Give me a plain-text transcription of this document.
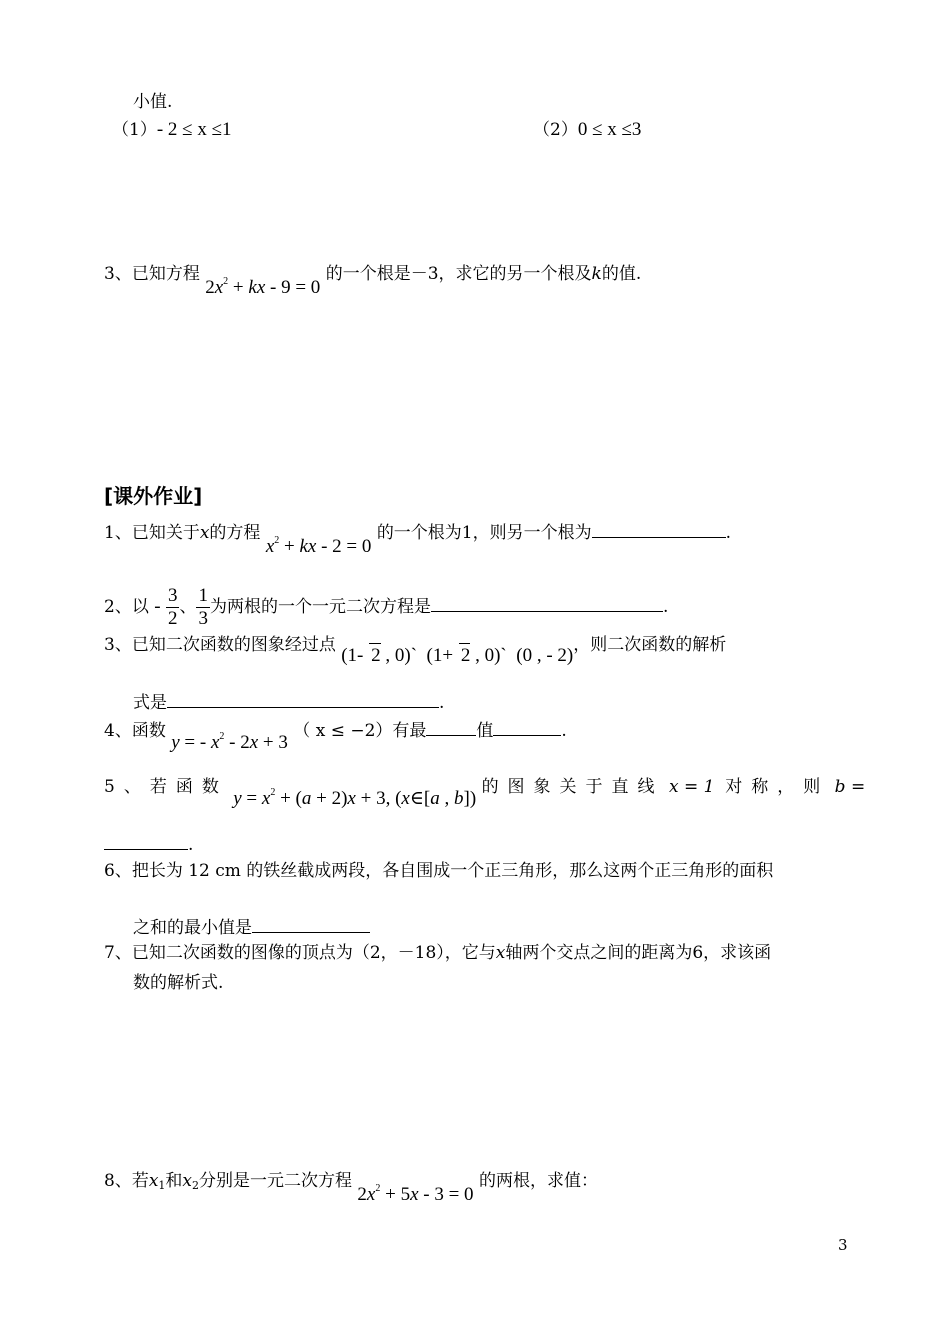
小值.
（1）- 2 ≤ x ≤1	（2）0 ≤ x ≤3
3、已知方程 $2x^2$ + kx - 9 = 0 的一个根是－3，求它的另一个根及k的值.
[课外作业]
1、已知关于x的方程 $x^2$ + kx - 2 = 0 的一个根为1，则另一个根为	.
2、以 - $\frac{3}{2}$ 、 $\frac{1}{3}$ 为两根的一个一元二次方程是	.
3、已知二次函数的图象经过点 (1- 2 , 0)`  (1+ 2 , 0)`  (0 , - 2)，则二次函数的解析
式是	.
4、函数 y = - $x^2 - 2x + 3$ （ x ≤ −2）有最	值	.
5、若函数 $y = x^2 + (a + 2)x + 3$, (x∈[a , b]) 的图象关于直线 x = 1 对称，则 b =
.
6、把长为 12 cm 的铁丝截成两段，各自围成一个正三角形，那么这两个正三角形的面积
之和的最小值是
7、已知二次函数的图像的顶点为（2，－18），它与x轴两个交点之间的距离为6，求该函
数的解析式.
8、若$x_1$和$x_2$分别是一元二次方程 $2x^2 + 5x - 3 = 0$ 的两根，求值：
3
